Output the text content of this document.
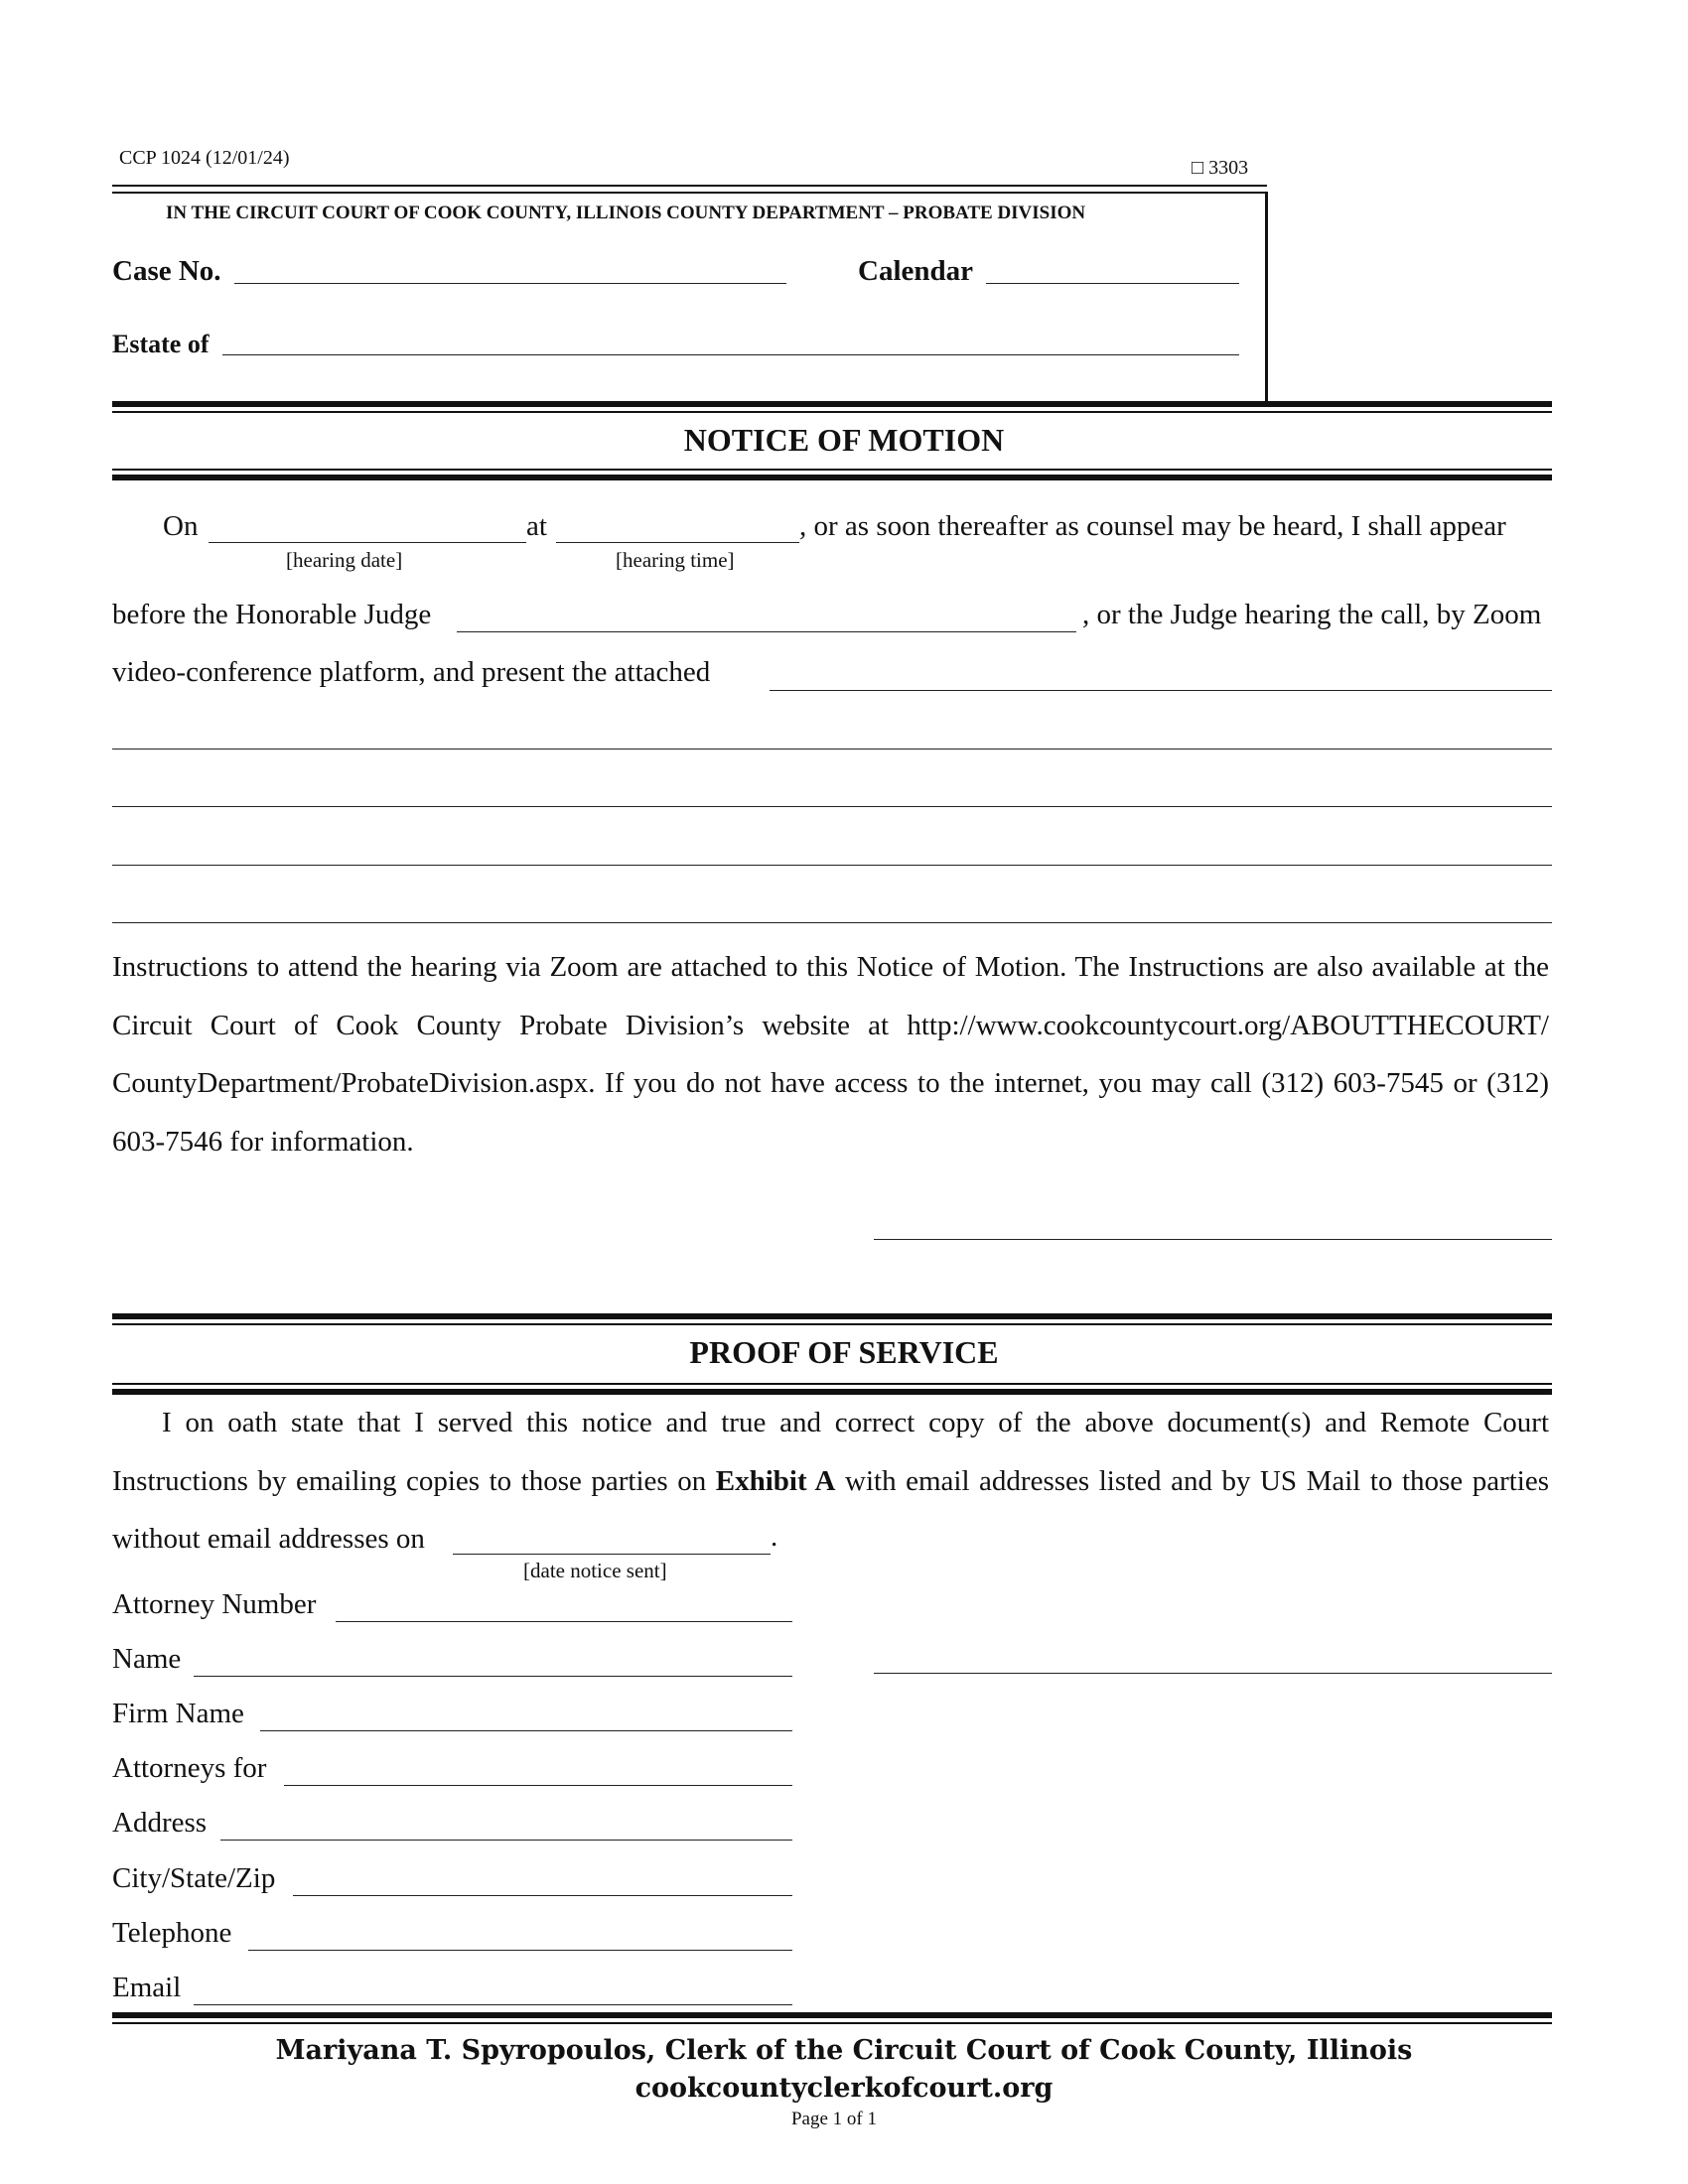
CCP 1024 (12/01/24)	□ 3303
IN THE CIRCUIT COURT OF COOK COUNTY, ILLINOIS COUNTY DEPARTMENT – PROBATE DIVISION
Case No.	Calendar
Estate of
NOTICE OF MOTION
On	at	, or as soon thereafter as counsel may be heard, I shall appear
[hearing date]	[hearing time]
before the Honorable Judge	, or the Judge hearing the call, by Zoom
video-conference platform, and present the attached
Instructions to attend the hearing via Zoom are attached to this Notice of Motion. The Instructions are also available at the Circuit Court of Cook County Probate Division’s website at http://www.cookcountycourt.org/ABOUTTHECOURT/ CountyDepartment/ProbateDivision.aspx. If you do not have access to the internet, you may call (312) 603-7545 or (312) 603-7546 for information.
PROOF OF SERVICE
I on oath state that I served this notice and true and correct copy of the above document(s) and Remote Court Instructions by emailing copies to those parties on Exhibit A with email addresses listed and by US Mail to those parties without email addresses on	.
[date notice sent]
Attorney Number
Name
Firm Name
Attorneys for
Address
City/State/Zip
Telephone
Email
Mariyana T. Spyropoulos, Clerk of the Circuit Court of Cook County, Illinois
cookcountyclerkofcourt.org
Page 1 of 1
